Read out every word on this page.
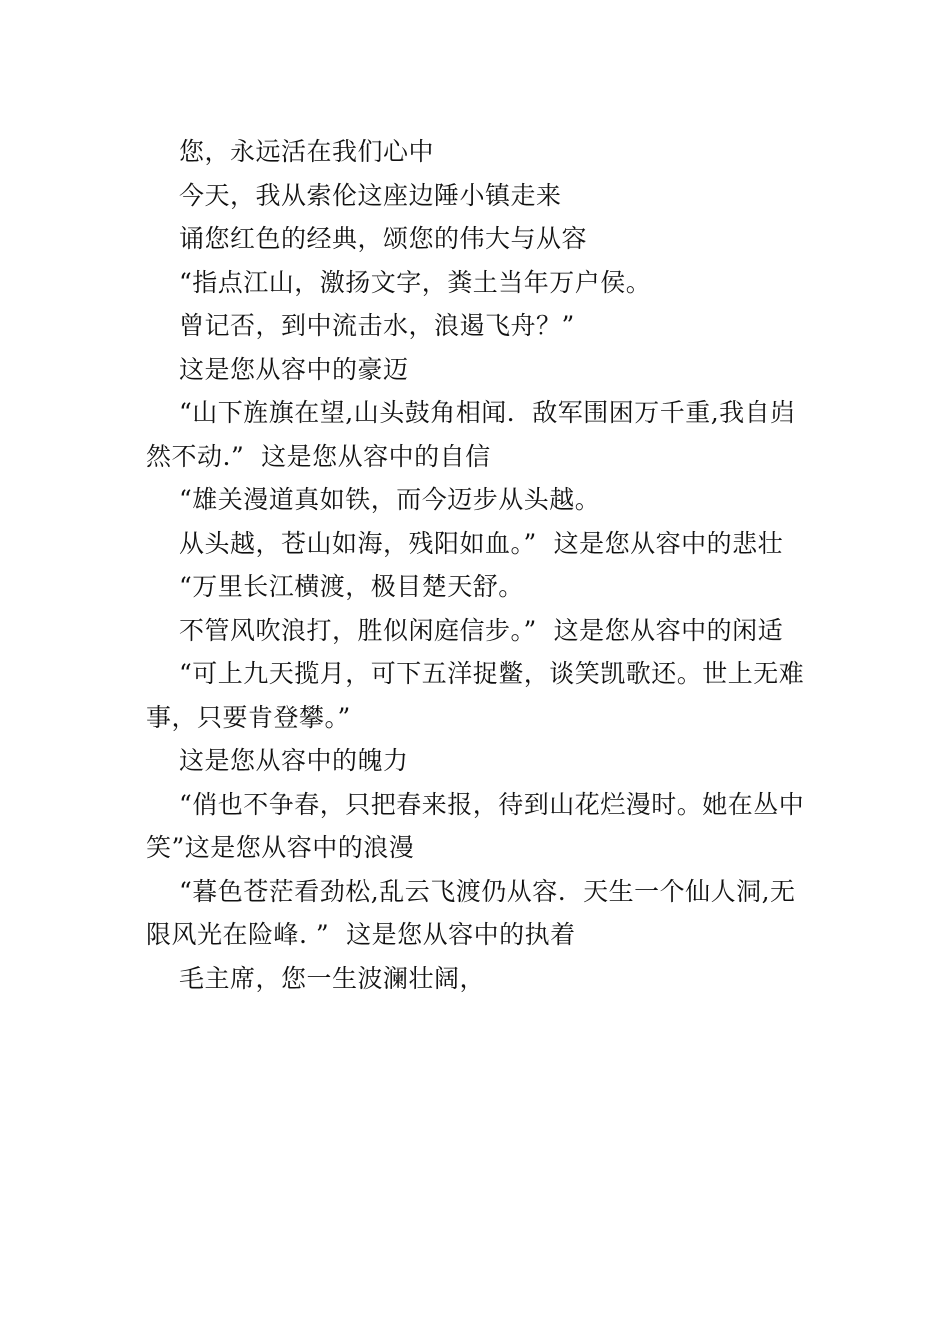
您，永远活在我们心中

今天，我从索伦这座边陲小镇走来

诵您红色的经典，颂您的伟大与从容

“指点江山，激扬文字，粪土当年万户侯。

曾记否，到中流击水，浪遏飞舟？”

这是您从容中的豪迈

“山下旌旗在望,山头鼓角相闻．敌军围困万千重,我自岿然不动.”  这是您从容中的自信

“雄关漫道真如铁，而今迈步从头越。

从头越，苍山如海，残阳如血。”  这是您从容中的悲壮

“万里长江横渡，极目楚天舒。

不管风吹浪打，胜似闲庭信步。”  这是您从容中的闲适

“可上九天揽月，可下五洋捉鳖，谈笑凯歌还。世上无难事，只要肯登攀。”

这是您从容中的魄力

“俏也不争春，只把春来报，待到山花烂漫时。她在丛中笑”这是您从容中的浪漫

“暮色苍茫看劲松,乱云飞渡仍从容.  天生一个仙人洞,无限风光在险峰. ”  这是您从容中的执着

毛主席，您一生波澜壮阔，
